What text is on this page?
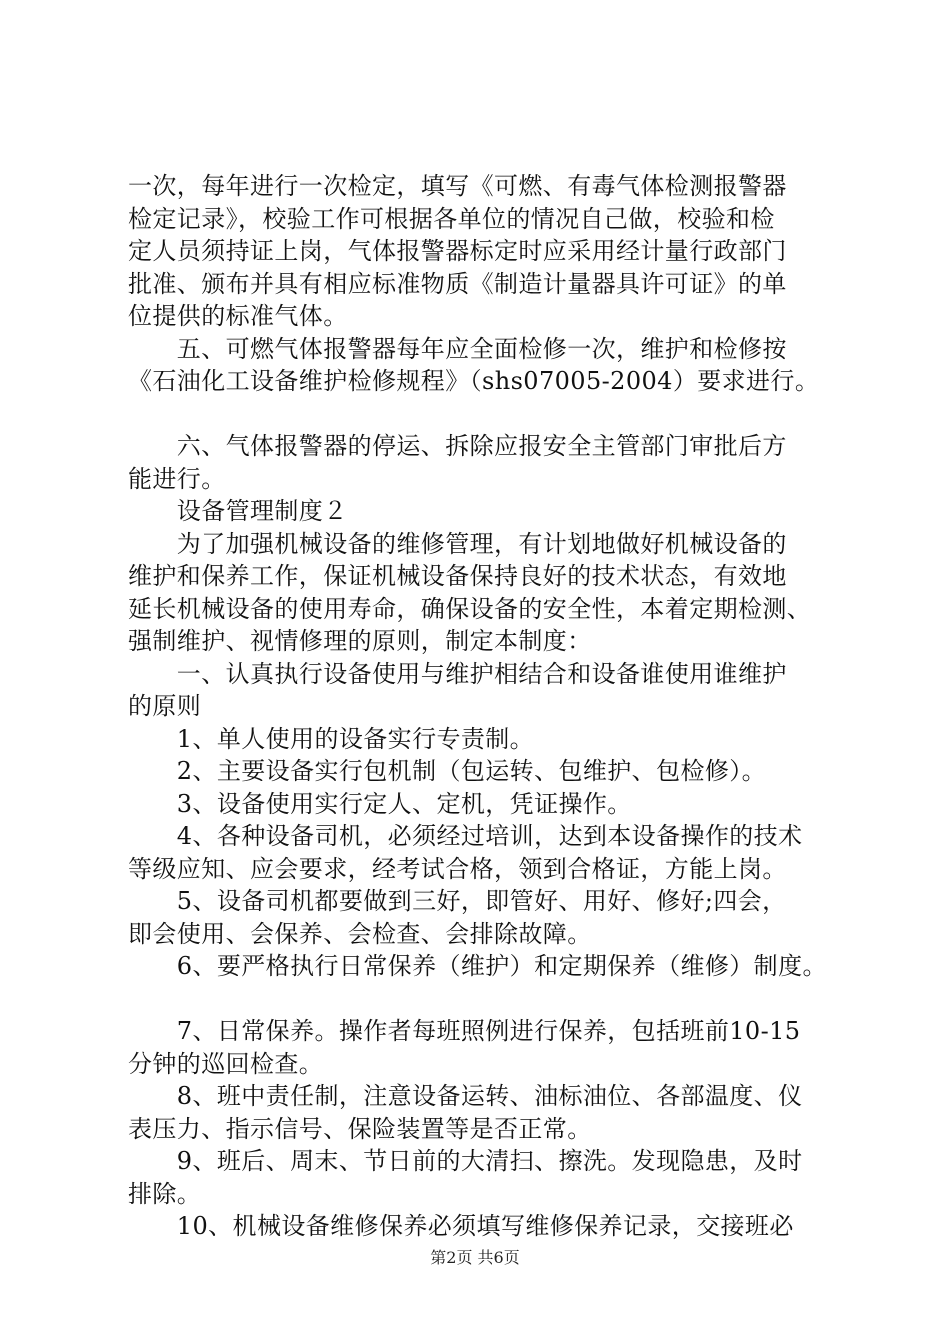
一次，每年进行一次检定，填写《可燃、有毒气体检测报警器
检定记录》，校验工作可根据各单位的情况自己做，校验和检
定人员须持证上岗，气体报警器标定时应采用经计量行政部门
批准、颁布并具有相应标准物质《制造计量器具许可证》的单
位提供的标准气体。
　　五、可燃气体报警器每年应全面检修一次，维护和检修按
《石油化工设备维护检修规程》（shs07005-2004）要求进行。
　　六、气体报警器的停运、拆除应报安全主管部门审批后方
能进行。
　　设备管理制度２
　　为了加强机械设备的维修管理，有计划地做好机械设备的
维护和保养工作，保证机械设备保持良好的技术状态，有效地
延长机械设备的使用寿命，确保设备的安全性，本着定期检测、
强制维护、视情修理的原则，制定本制度：
　　一、认真执行设备使用与维护相结合和设备谁使用谁维护
的原则
　　1、单人使用的设备实行专责制。
　　2、主要设备实行包机制（包运转、包维护、包检修）。
　　3、设备使用实行定人、定机，凭证操作。
　　4、各种设备司机，必须经过培训，达到本设备操作的技术
等级应知、应会要求，经考试合格，领到合格证，方能上岗。
　　5、设备司机都要做到三好，即管好、用好、修好;四会，
即会使用、会保养、会检查、会排除故障。
　　6、要严格执行日常保养（维护）和定期保养（维修）制度。
　　7、日常保养。操作者每班照例进行保养，包括班前10-15
分钟的巡回检查。
　　8、班中责任制，注意设备运转、油标油位、各部温度、仪
表压力、指示信号、保险装置等是否正常。
　　9、班后、周末、节日前的大清扫、擦洗。发现隐患，及时
排除。
　　10、机械设备维修保养必须填写维修保养记录，交接班必
第2页 共6页
